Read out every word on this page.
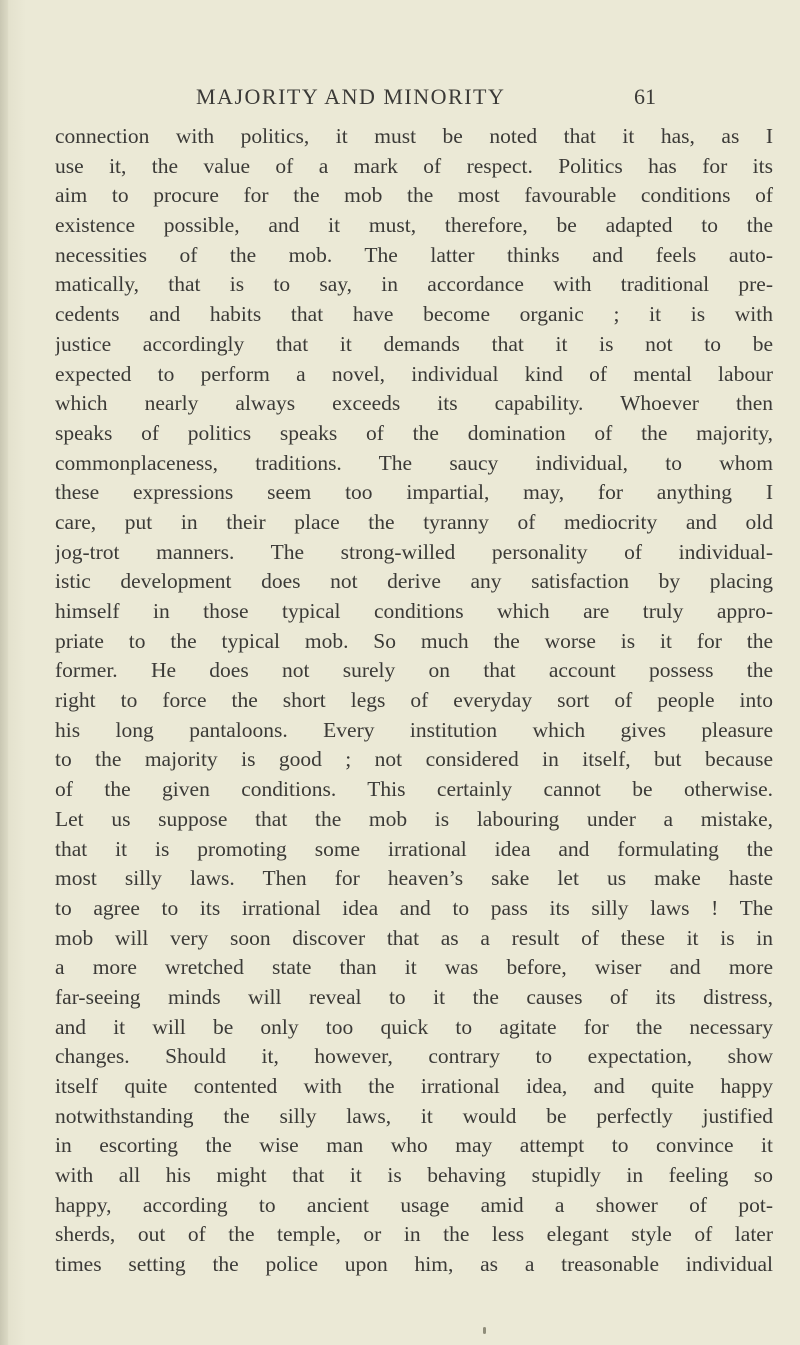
MAJORITY AND MINORITY	61
connection with politics, it must be noted that it has, as I
use it, the value of a mark of respect. Politics has for its
aim to procure for the mob the most favourable conditions of
existence possible, and it must, therefore, be adapted to the
necessities of the mob. The latter thinks and feels auto-
matically, that is to say, in accordance with traditional pre-
cedents and habits that have become organic ; it is with
justice accordingly that it demands that it is not to be
expected to perform a novel, individual kind of mental labour
which nearly always exceeds its capability. Whoever then
speaks of politics speaks of the domination of the majority,
commonplaceness, traditions. The saucy individual, to whom
these expressions seem too impartial, may, for anything I
care, put in their place the tyranny of mediocrity and old
jog-trot manners. The strong-willed personality of individual-
istic development does not derive any satisfaction by placing
himself in those typical conditions which are truly appro-
priate to the typical mob. So much the worse is it for the
former. He does not surely on that account possess the
right to force the short legs of everyday sort of people into
his long pantaloons. Every institution which gives pleasure
to the majority is good ; not considered in itself, but because
of the given conditions. This certainly cannot be otherwise.
Let us suppose that the mob is labouring under a mistake,
that it is promoting some irrational idea and formulating the
most silly laws. Then for heaven’s sake let us make haste
to agree to its irrational idea and to pass its silly laws ! The
mob will very soon discover that as a result of these it is in
a more wretched state than it was before, wiser and more
far-seeing minds will reveal to it the causes of its distress,
and it will be only too quick to agitate for the necessary
changes. Should it, however, contrary to expectation, show
itself quite contented with the irrational idea, and quite happy
notwithstanding the silly laws, it would be perfectly justified
in escorting the wise man who may attempt to convince it
with all his might that it is behaving stupidly in feeling so
happy, according to ancient usage amid a shower of pot-
sherds, out of the temple, or in the less elegant style of later
times setting the police upon him, as a treasonable individual
